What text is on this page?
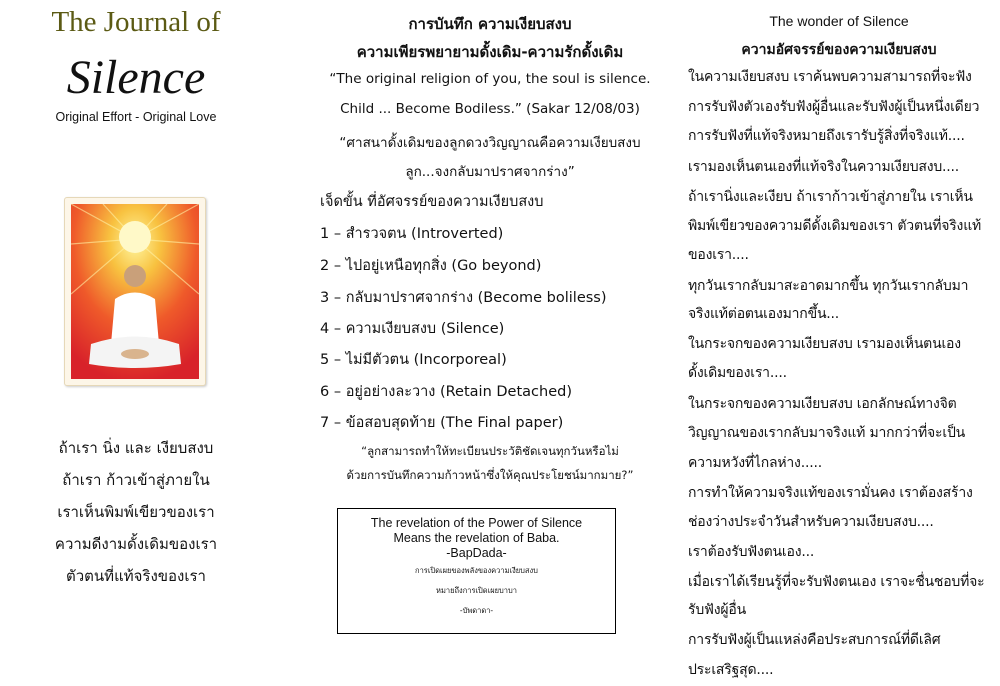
The Journal of
Silence
Original Effort - Original Love
ถ้าเรา นิ่ง และ เงียบสงบ
ถ้าเรา ก้าวเข้าสู่ภายใน
เราเห็นพิมพ์เขียวของเรา
ความดีงามดั้งเดิมของเรา
ตัวตนที่แท้จริงของเรา
การบันทึก ความเงียบสงบ
ความเพียรพยายามดั้งเดิม-ความรักดั้งเดิม
“The original religion of you, the soul is silence.
Child ... Become Bodiless.” (Sakar 12/08/03)
“ศาสนาดั้งเดิมของลูกดวงวิญญาณคือความเงียบสงบ
ลูก...จงกลับมาปราศจากร่าง”
เจ็ดขั้น ที่อัศจรรย์ของความเงียบสงบ
1 – สำรวจตน (Introverted)
2 – ไปอยู่เหนือทุกสิ่ง (Go beyond)
3 – กลับมาปราศจากร่าง (Become boliless)
4 – ความเงียบสงบ (Silence)
5 – ไม่มีตัวตน (Incorporeal)
6 – อยู่อย่างละวาง (Retain Detached)
7 – ข้อสอบสุดท้าย (The Final paper)
“ลูกสามารถทำให้ทะเบียนประวัติชัดเจนทุกวันหรือไม่
ด้วยการบันทึกความก้าวหน้าซึ่งให้คุณประโยชน์มากมาย?”
The revelation of the Power of Silence
Means the revelation of Baba.
-BapDada-
การเปิดเผยของพลังของความเงียบสงบ
หมายถึงการเปิดเผยบาบา
-บัพดาดา-
The wonder of Silence
ความอัศจรรย์ของความเงียบสงบ
ในความเงียบสงบ เราค้นพบความสามารถที่จะฟัง
การรับฟังตัวเองรับฟังผู้อื่นและรับฟังผู้เป็นหนึ่งเดียว
การรับฟังที่แท้จริงหมายถึงเรารับรู้สิ่งที่จริงแท้....
เรามองเห็นตนเองที่แท้จริงในความเงียบสงบ....
ถ้าเรานิ่งและเงียบ ถ้าเราก้าวเข้าสู่ภายใน เราเห็น
พิมพ์เขียวของความดีดั้งเดิมของเรา ตัวตนที่จริงแท้
ของเรา....
ทุกวันเรากลับมาสะอาดมากขึ้น ทุกวันเรากลับมา
จริงแท้ต่อตนเองมากขึ้น...
ในกระจกของความเงียบสงบ เรามองเห็นตนเอง
ดั้งเดิมของเรา....
ในกระจกของความเงียบสงบ เอกลักษณ์ทางจิต
วิญญาณของเรากลับมาจริงแท้ มากกว่าที่จะเป็น
ความหวังที่ไกลห่าง.....
การทำให้ความจริงแท้ของเรามั่นคง เราต้องสร้าง
ช่องว่างประจำวันสำหรับความเงียบสงบ....
เราต้องรับฟังตนเอง...
เมื่อเราได้เรียนรู้ที่จะรับฟังตนเอง เราจะชื่นชอบที่จะ
รับฟังผู้อื่น
การรับฟังผู้เป็นแหล่งคือประสบการณ์ที่ดีเลิศ
ประเสริฐสุด....
